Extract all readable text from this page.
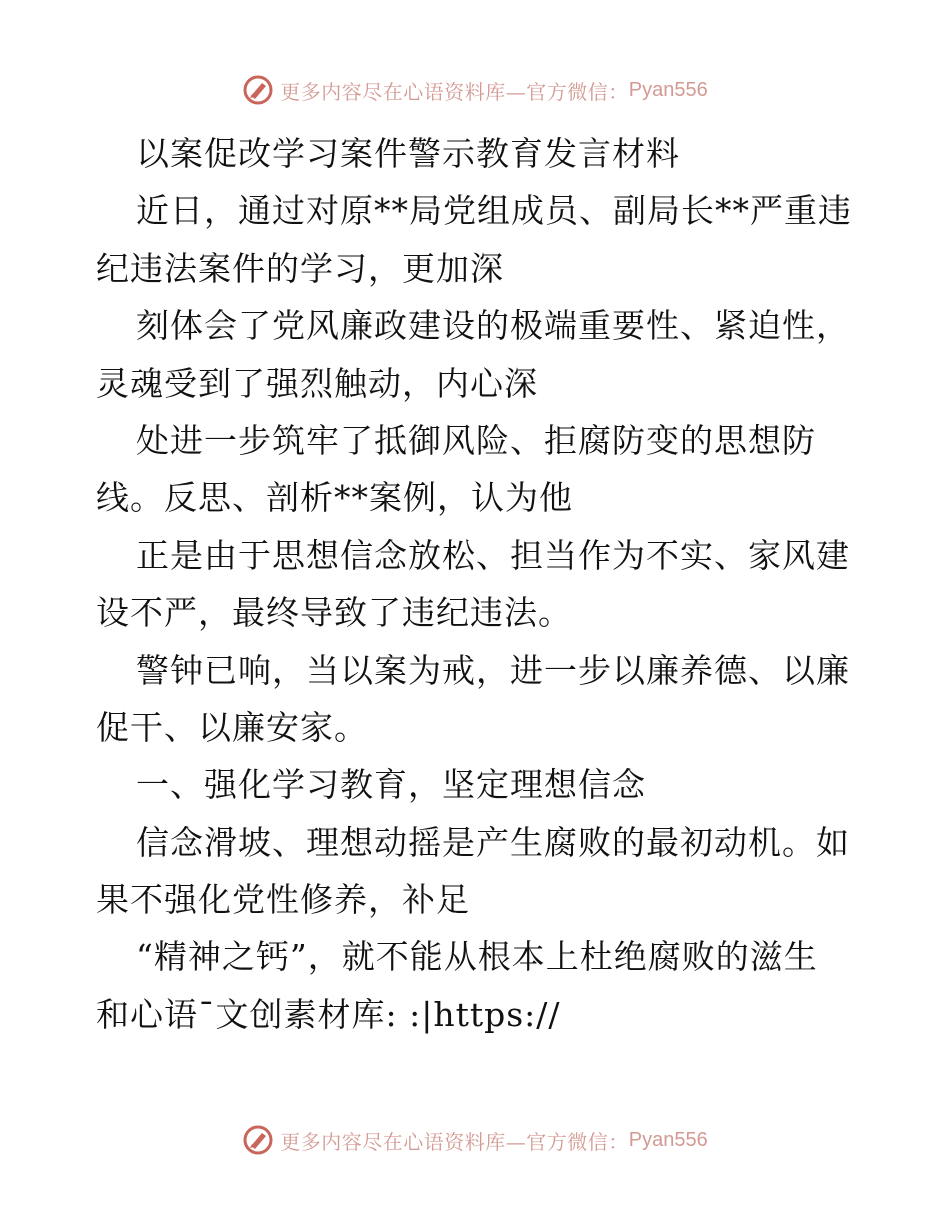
更多内容尽在心语资料库—官方微信： Pyan556
以案促改学习案件警示教育发言材料
近日，通过对原**局党组成员、副局长**严重违
纪违法案件的学习，更加深
刻体会了党风廉政建设的极端重要性、紧迫性，
灵魂受到了强烈触动，内心深
处进一步筑牢了抵御风险、拒腐防变的思想防
线。反思、剖析**案例，认为他
正是由于思想信念放松、担当作为不实、家风建
设不严，最终导致了违纪违法。
警钟已响，当以案为戒，进一步以廉养德、以廉
促干、以廉安家。
一、强化学习教育，坚定理想信念
信念滑坡、理想动摇是产生腐败的最初动机。如
果不强化党性修养，补足
“精神之钙”，就不能从根本上杜绝腐败的滋生
和心语¯文创素材库: :|https://
更多内容尽在心语资料库—官方微信： Pyan556
